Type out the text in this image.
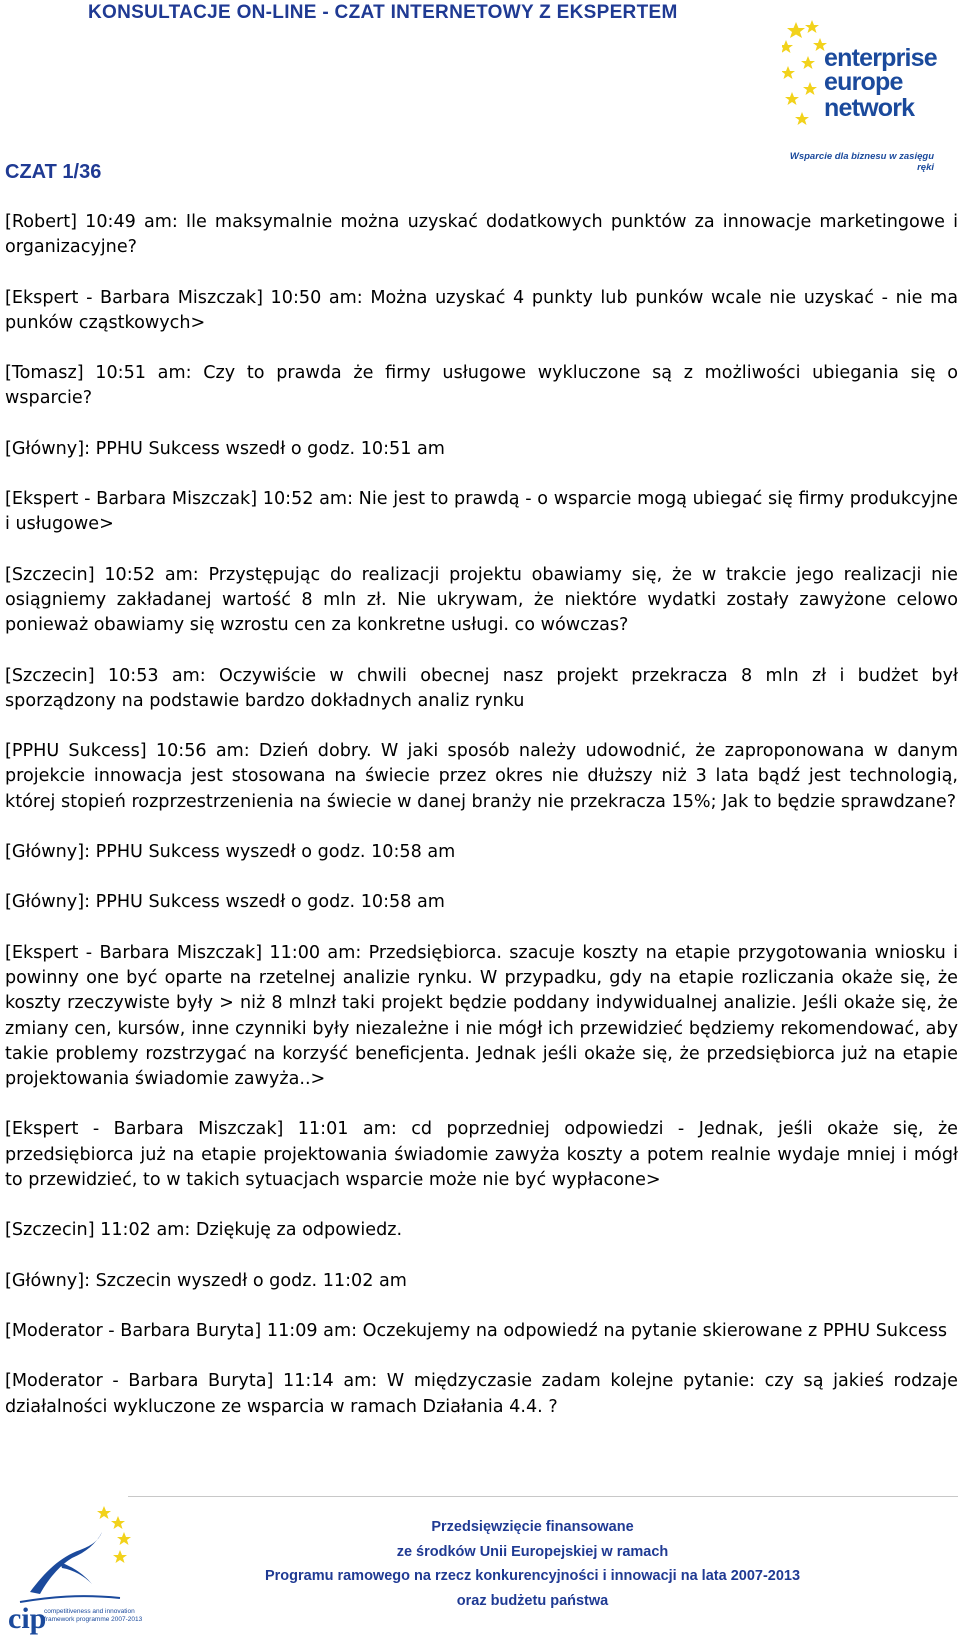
KONSULTACJE ON-LINE - CZAT INTERNETOWY Z EKSPERTEM
enterprise
europe
network
Wsparcie dla biznesu w zasięgu ręki
CZAT 1/36

[Robert] 10:49 am: Ile maksymalnie można uzyskać dodatkowych punktów za innowacje marketingowe i organizacyjne?

[Ekspert - Barbara Miszczak] 10:50 am: Można uzyskać 4 punkty lub punków wcale nie uzyskać - nie ma punków cząstkowych>

[Tomasz] 10:51 am: Czy to prawda że firmy usługowe wykluczone są z możliwości ubiegania się o wsparcie?

[Główny]: PPHU Sukcess wszedł o godz. 10:51 am

[Ekspert - Barbara Miszczak] 10:52 am: Nie jest to prawdą - o wsparcie mogą ubiegać się firmy produkcyjne i usługowe>

[Szczecin] 10:52 am: Przystępując do realizacji projektu obawiamy się, że w trakcie jego realizacji nie osiągniemy zakładanej wartość 8 mln zł. Nie ukrywam, że niektóre wydatki zostały zawyżone celowo ponieważ obawiamy się wzrostu cen za konkretne usługi. co wówczas?

[Szczecin] 10:53 am: Oczywiście w chwili obecnej nasz projekt przekracza 8 mln zł i budżet był sporządzony na podstawie bardzo dokładnych analiz rynku

[PPHU Sukcess] 10:56 am: Dzień dobry. W jaki sposób należy udowodnić, że zaproponowana w danym projekcie innowacja jest stosowana na świecie przez okres nie dłuższy niż 3 lata bądź jest technologią, której stopień rozprzestrzenienia na świecie w danej branży nie przekracza 15%; Jak to będzie sprawdzane?

[Główny]: PPHU Sukcess wyszedł o godz. 10:58 am

[Główny]: PPHU Sukcess wszedł o godz. 10:58 am

[Ekspert - Barbara Miszczak] 11:00 am: Przedsiębiorca. szacuje koszty na etapie przygotowania wniosku i powinny one być oparte na rzetelnej analizie rynku. W przypadku, gdy na etapie rozliczania okaże się, że koszty rzeczywiste były > niż 8 mlnzł taki projekt będzie poddany indywidualnej analizie. Jeśli okaże się, że zmiany cen, kursów, inne czynniki były niezależne i nie mógł ich przewidzieć będziemy rekomendować, aby takie problemy rozstrzygać na korzyść beneficjenta. Jednak jeśli okaże się, że przedsiębiorca już na etapie projektowania świadomie zawyża..>

[Ekspert - Barbara Miszczak] 11:01 am: cd poprzedniej odpowiedzi - Jednak, jeśli okaże się, że przedsiębiorca już na etapie projektowania świadomie zawyża koszty a potem realnie wydaje mniej i mógł to przewidzieć, to w takich sytuacjach wsparcie może nie być wypłacone>

[Szczecin] 11:02 am: Dziękuję za odpowiedz.

[Główny]: Szczecin wyszedł o godz. 11:02 am

[Moderator - Barbara Buryta] 11:09 am: Oczekujemy na odpowiedź na pytanie skierowane z PPHU Sukcess

[Moderator - Barbara Buryta] 11:14 am: W międzyczasie zadam kolejne pytanie: czy są jakieś rodzaje działalności wykluczone ze wsparcia w ramach Działania 4.4. ?

cip
competitiveness and innovation framework programme 2007-2013
Przedsięwzięcie finansowane
ze środków Unii Europejskiej w ramach
Programu ramowego na rzecz konkurencyjności i innowacji na lata 2007-2013
oraz budżetu państwa
